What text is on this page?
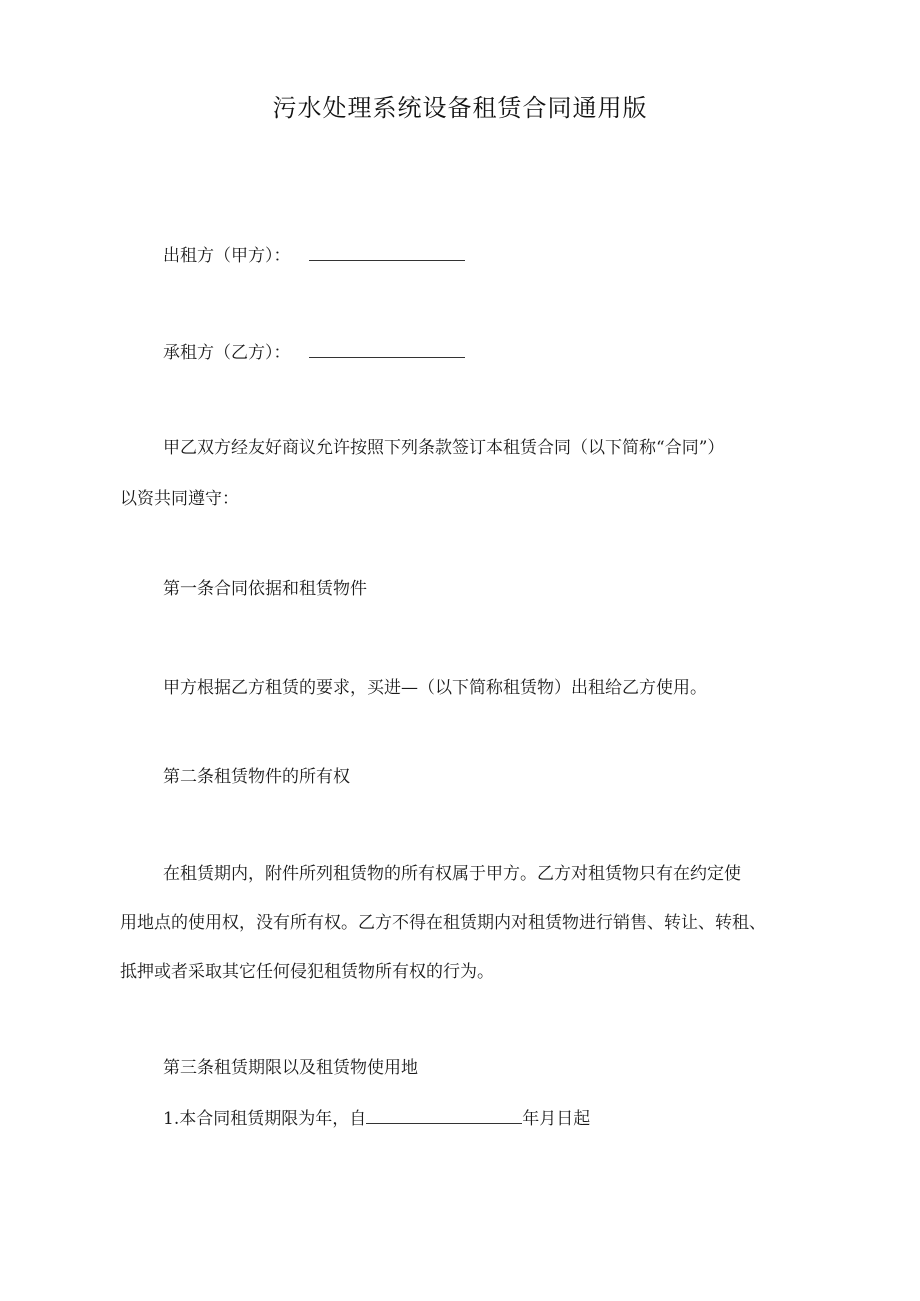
污水处理系统设备租赁合同通用版
出租方（甲方）：
承租方（乙方）：
甲乙双方经友好商议允许按照下列条款签订本租赁合同（以下简称“合同”）
以资共同遵守：
第一条合同依据和租赁物件
甲方根据乙方租赁的要求，买进—（以下简称租赁物）出租给乙方使用。
第二条租赁物件的所有权
在租赁期内，附件所列租赁物的所有权属于甲方。乙方对租赁物只有在约定使
用地点的使用权，没有所有权。乙方不得在租赁期内对租赁物进行销售、转让、转租、
抵押或者采取其它任何侵犯租赁物所有权的行为。
第三条租赁期限以及租赁物使用地
1.本合同租赁期限为年，自	年月日起
